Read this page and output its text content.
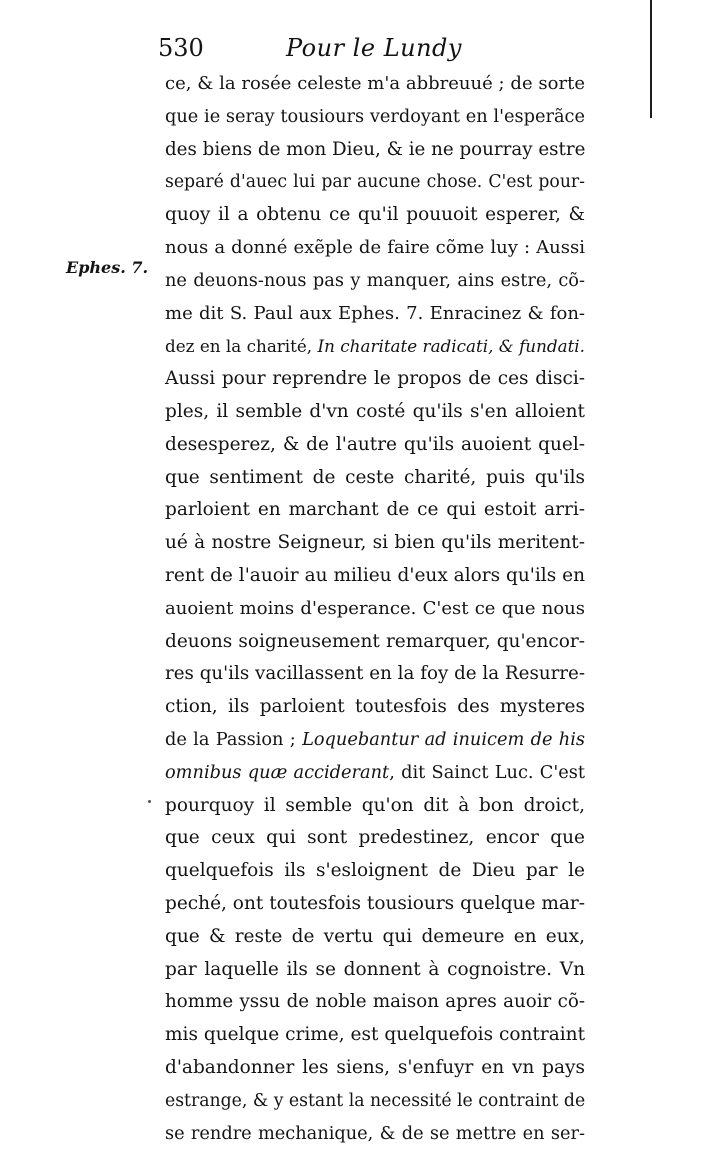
530	Pour le Lundy
Ephes. 7.
ce, & la rosée celeste m'a abbreuué ; de sorte
que ie seray tousiours verdoyant en l'esperãce
des biens de mon Dieu, & ie ne pourray estre
separé d'auec lui par aucune chose. C'est pour-
quoy il a obtenu ce qu'il pouuoit esperer, &
nous a donné exẽple de faire cõme luy : Aussi
ne deuons-nous pas y manquer, ains estre, cõ-
me dit S. Paul aux Ephes. 7. Enracinez & fon-
dez en la charité, In charitate radicati, & fundati.
Aussi pour reprendre le propos de ces disci-
ples, il semble d'vn costé qu'ils s'en alloient
desesperez, & de l'autre qu'ils auoient quel-
que sentiment de ceste charité, puis qu'ils
parloient en marchant de ce qui estoit arri-
ué à nostre Seigneur, si bien qu'ils meritent-
rent de l'auoir au milieu d'eux alors qu'ils en
auoient moins d'esperance. C'est ce que nous
deuons soigneusement remarquer, qu'encor-
res qu'ils vacillassent en la foy de la Resurre-
ction, ils parloient toutesfois des mysteres
de la Passion ; Loquebantur ad inuicem de his
omnibus quæ acciderant, dit Sainct Luc. C'est
pourquoy il semble qu'on dit à bon droict,
que ceux qui sont predestinez, encor que
quelquefois ils s'esloignent de Dieu par le
peché, ont toutesfois tousiours quelque mar-
que & reste de vertu qui demeure en eux,
par laquelle ils se donnent à cognoistre. Vn
homme yssu de noble maison apres auoir cõ-
mis quelque crime, est quelquefois contraint
d'abandonner les siens, s'enfuyr en vn pays
estrange, & y estant la necessité le contraint de
se rendre mechanique, & de se mettre en ser-
